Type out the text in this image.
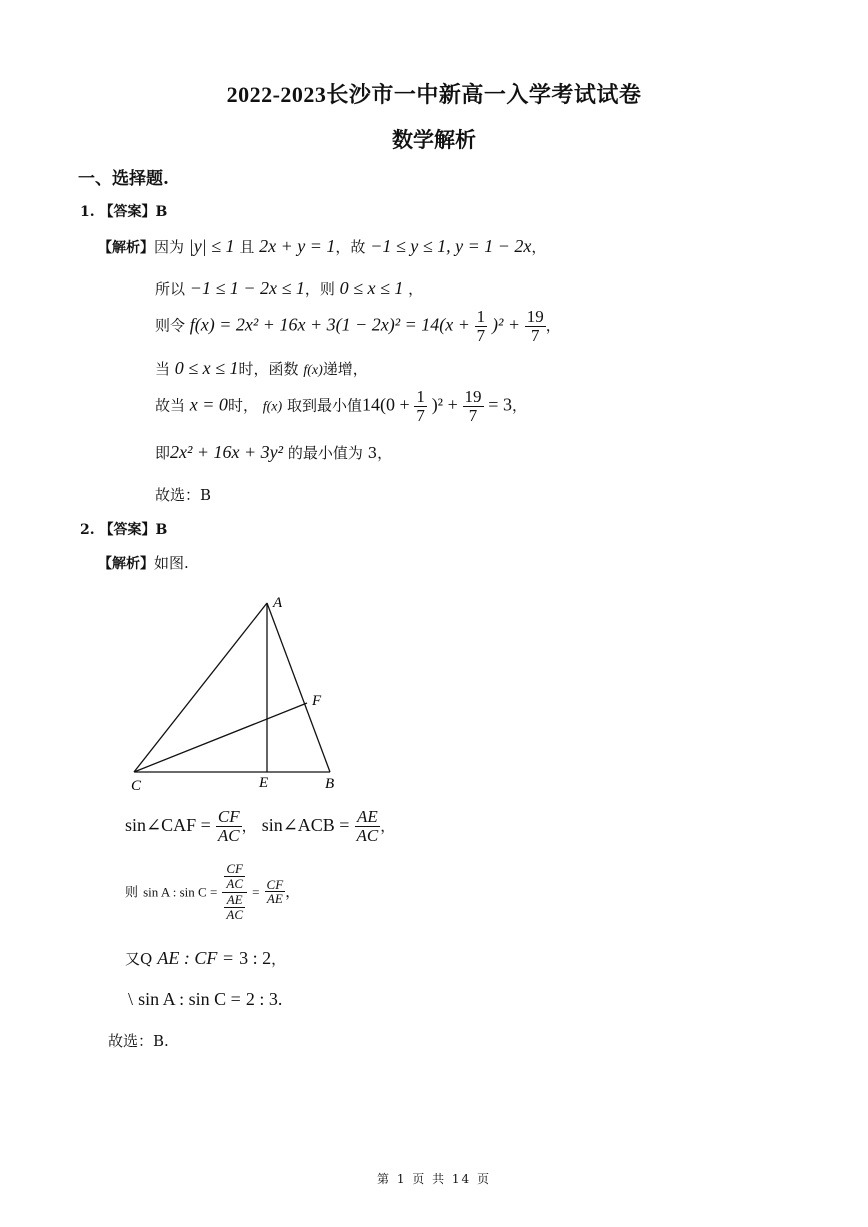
2022-2023长沙市一中新高一入学考试试卷
数学解析
一、选择题.
1. 【答案】B
【解析】因为 |y| ≤ 1 且 2x + y = 1，故 −1 ≤ y ≤ 1, y = 1 − 2x，
所以 −1 ≤ 1 − 2x ≤ 1，则 0 ≤ x ≤ 1 ，
则令 $f(x) = 2x^2 + 16x + 3(1 - 2x)^2 = 14(x + \frac{1}{7} )^2 + \frac{19}{7}$ ，
当 0 ≤ x ≤ 1时，函数 f(x)递增，
故当 x = 0时， f(x) 取到最小值$14(0 + \frac{1}{7} )^2 + \frac{19}{7} = 3$，
即2x² + 16x + 3y² 的最小值为 3，
故选：B
2. 【答案】B
【解析】如图.
A
F
C	E	B
sin∠CAF = $\frac{CF}{AC}$ ， sin∠ACB = $\frac{AE}{AC}$ ，
则 sin A : $\sin C = \frac{\frac{CF}{AC}}{\frac{AE}{AC}} = \frac{CF}{AE}$ ，
又Q AE : CF = 3 : 2，
\ sin A : sin C = 2 : 3.
故选：B.
第 1 页 共 14 页
